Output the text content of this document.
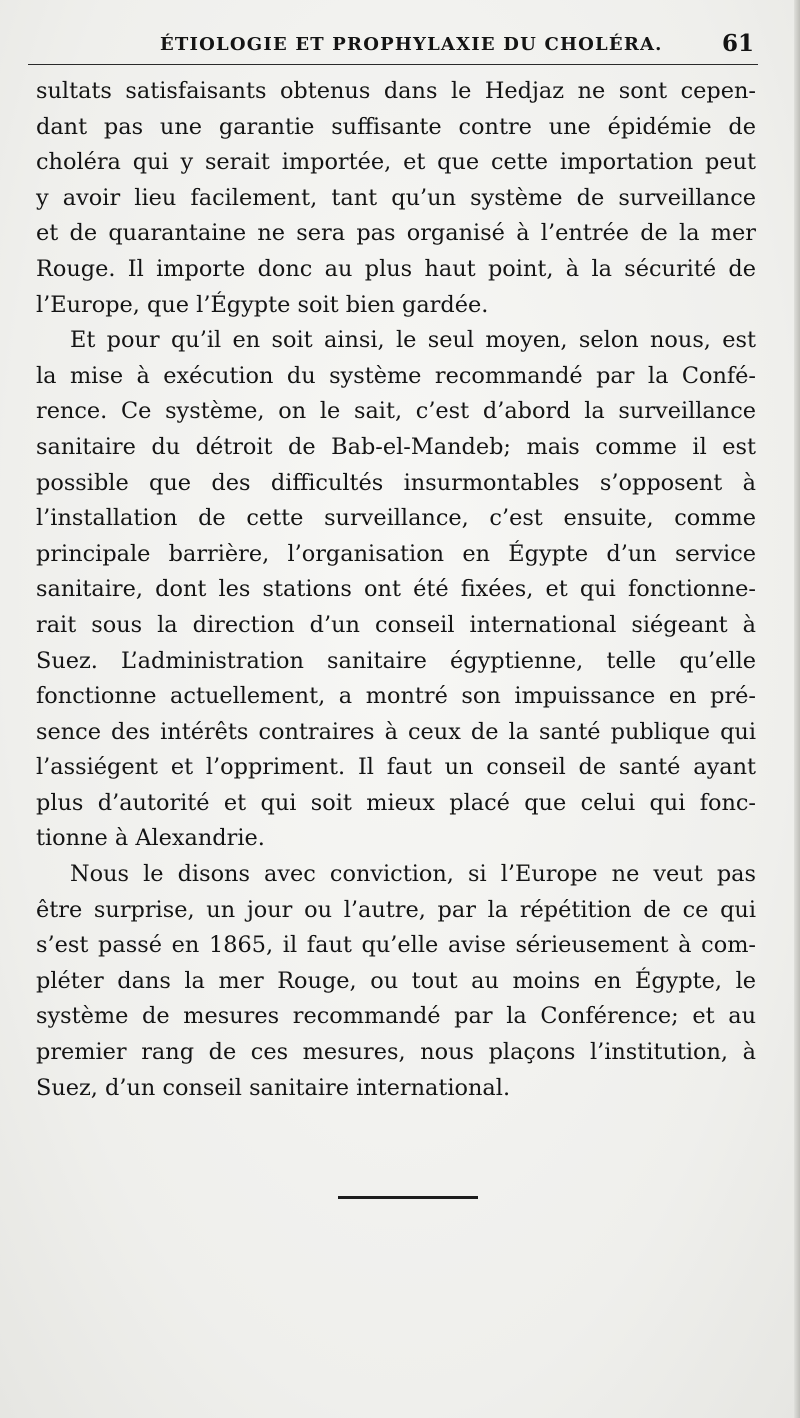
ÉTIOLOGIE ET PROPHYLAXIE DU CHOLÉRA.	61
sultats satisfaisants obtenus dans le Hedjaz ne sont cepen-
dant pas une garantie suffisante contre une épidémie de
choléra qui y serait importée, et que cette importation peut
y avoir lieu facilement, tant qu’un système de surveillance
et de quarantaine ne sera pas organisé à l’entrée de la mer
Rouge. Il importe donc au plus haut point, à la sécurité de
l’Europe, que l’Égypte soit bien gardée.
Et pour qu’il en soit ainsi, le seul moyen, selon nous, est
la mise à exécution du système recommandé par la Confé-
rence. Ce système, on le sait, c’est d’abord la surveillance
sanitaire du détroit de Bab-el-Mandeb; mais comme il est
possible que des difficultés insurmontables s’opposent à
l’installation de cette surveillance, c’est ensuite, comme
principale barrière, l’organisation en Égypte d’un service
sanitaire, dont les stations ont été fixées, et qui fonctionne-
rait sous la direction d’un conseil international siégeant à
Suez. L’administration sanitaire égyptienne, telle qu’elle
fonctionne actuellement, a montré son impuissance en pré-
sence des intérêts contraires à ceux de la santé publique qui
l’assiégent et l’oppriment. Il faut un conseil de santé ayant
plus d’autorité et qui soit mieux placé que celui qui fonc-
tionne à Alexandrie.
Nous le disons avec conviction, si l’Europe ne veut pas
être surprise, un jour ou l’autre, par la répétition de ce qui
s’est passé en 1865, il faut qu’elle avise sérieusement à com-
pléter dans la mer Rouge, ou tout au moins en Égypte, le
système de mesures recommandé par la Conférence; et au
premier rang de ces mesures, nous plaçons l’institution, à
Suez, d’un conseil sanitaire international.
